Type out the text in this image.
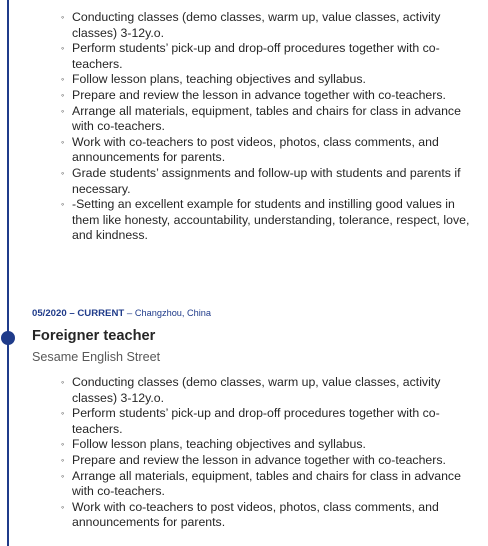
◦ Conducting classes (demo classes, warm up, value classes, activity classes) 3-12y.o.
◦ Perform students’ pick-up and drop-off procedures together with co-teachers.
◦ Follow lesson plans, teaching objectives and syllabus.
◦ Prepare and review the lesson in advance together with co-teachers.
◦ Arrange all materials, equipment, tables and chairs for class in advance with co-teachers.
◦ Work with co-teachers to post videos, photos, class comments, and announcements for parents.
◦ Grade students’ assignments and follow-up with students and parents if necessary.
◦ -Setting an excellent example for students and instilling good values in them like honesty, accountability, understanding, tolerance, respect, love, and kindness.
05/2020 – CURRENT – Changzhou, China
Foreigner teacher
Sesame English Street
◦ Conducting classes (demo classes, warm up, value classes, activity classes) 3-12y.o.
◦ Perform students’ pick-up and drop-off procedures together with co-teachers.
◦ Follow lesson plans, teaching objectives and syllabus.
◦ Prepare and review the lesson in advance together with co-teachers.
◦ Arrange all materials, equipment, tables and chairs for class in advance with co-teachers.
◦ Work with co-teachers to post videos, photos, class comments, and announcements for parents.
